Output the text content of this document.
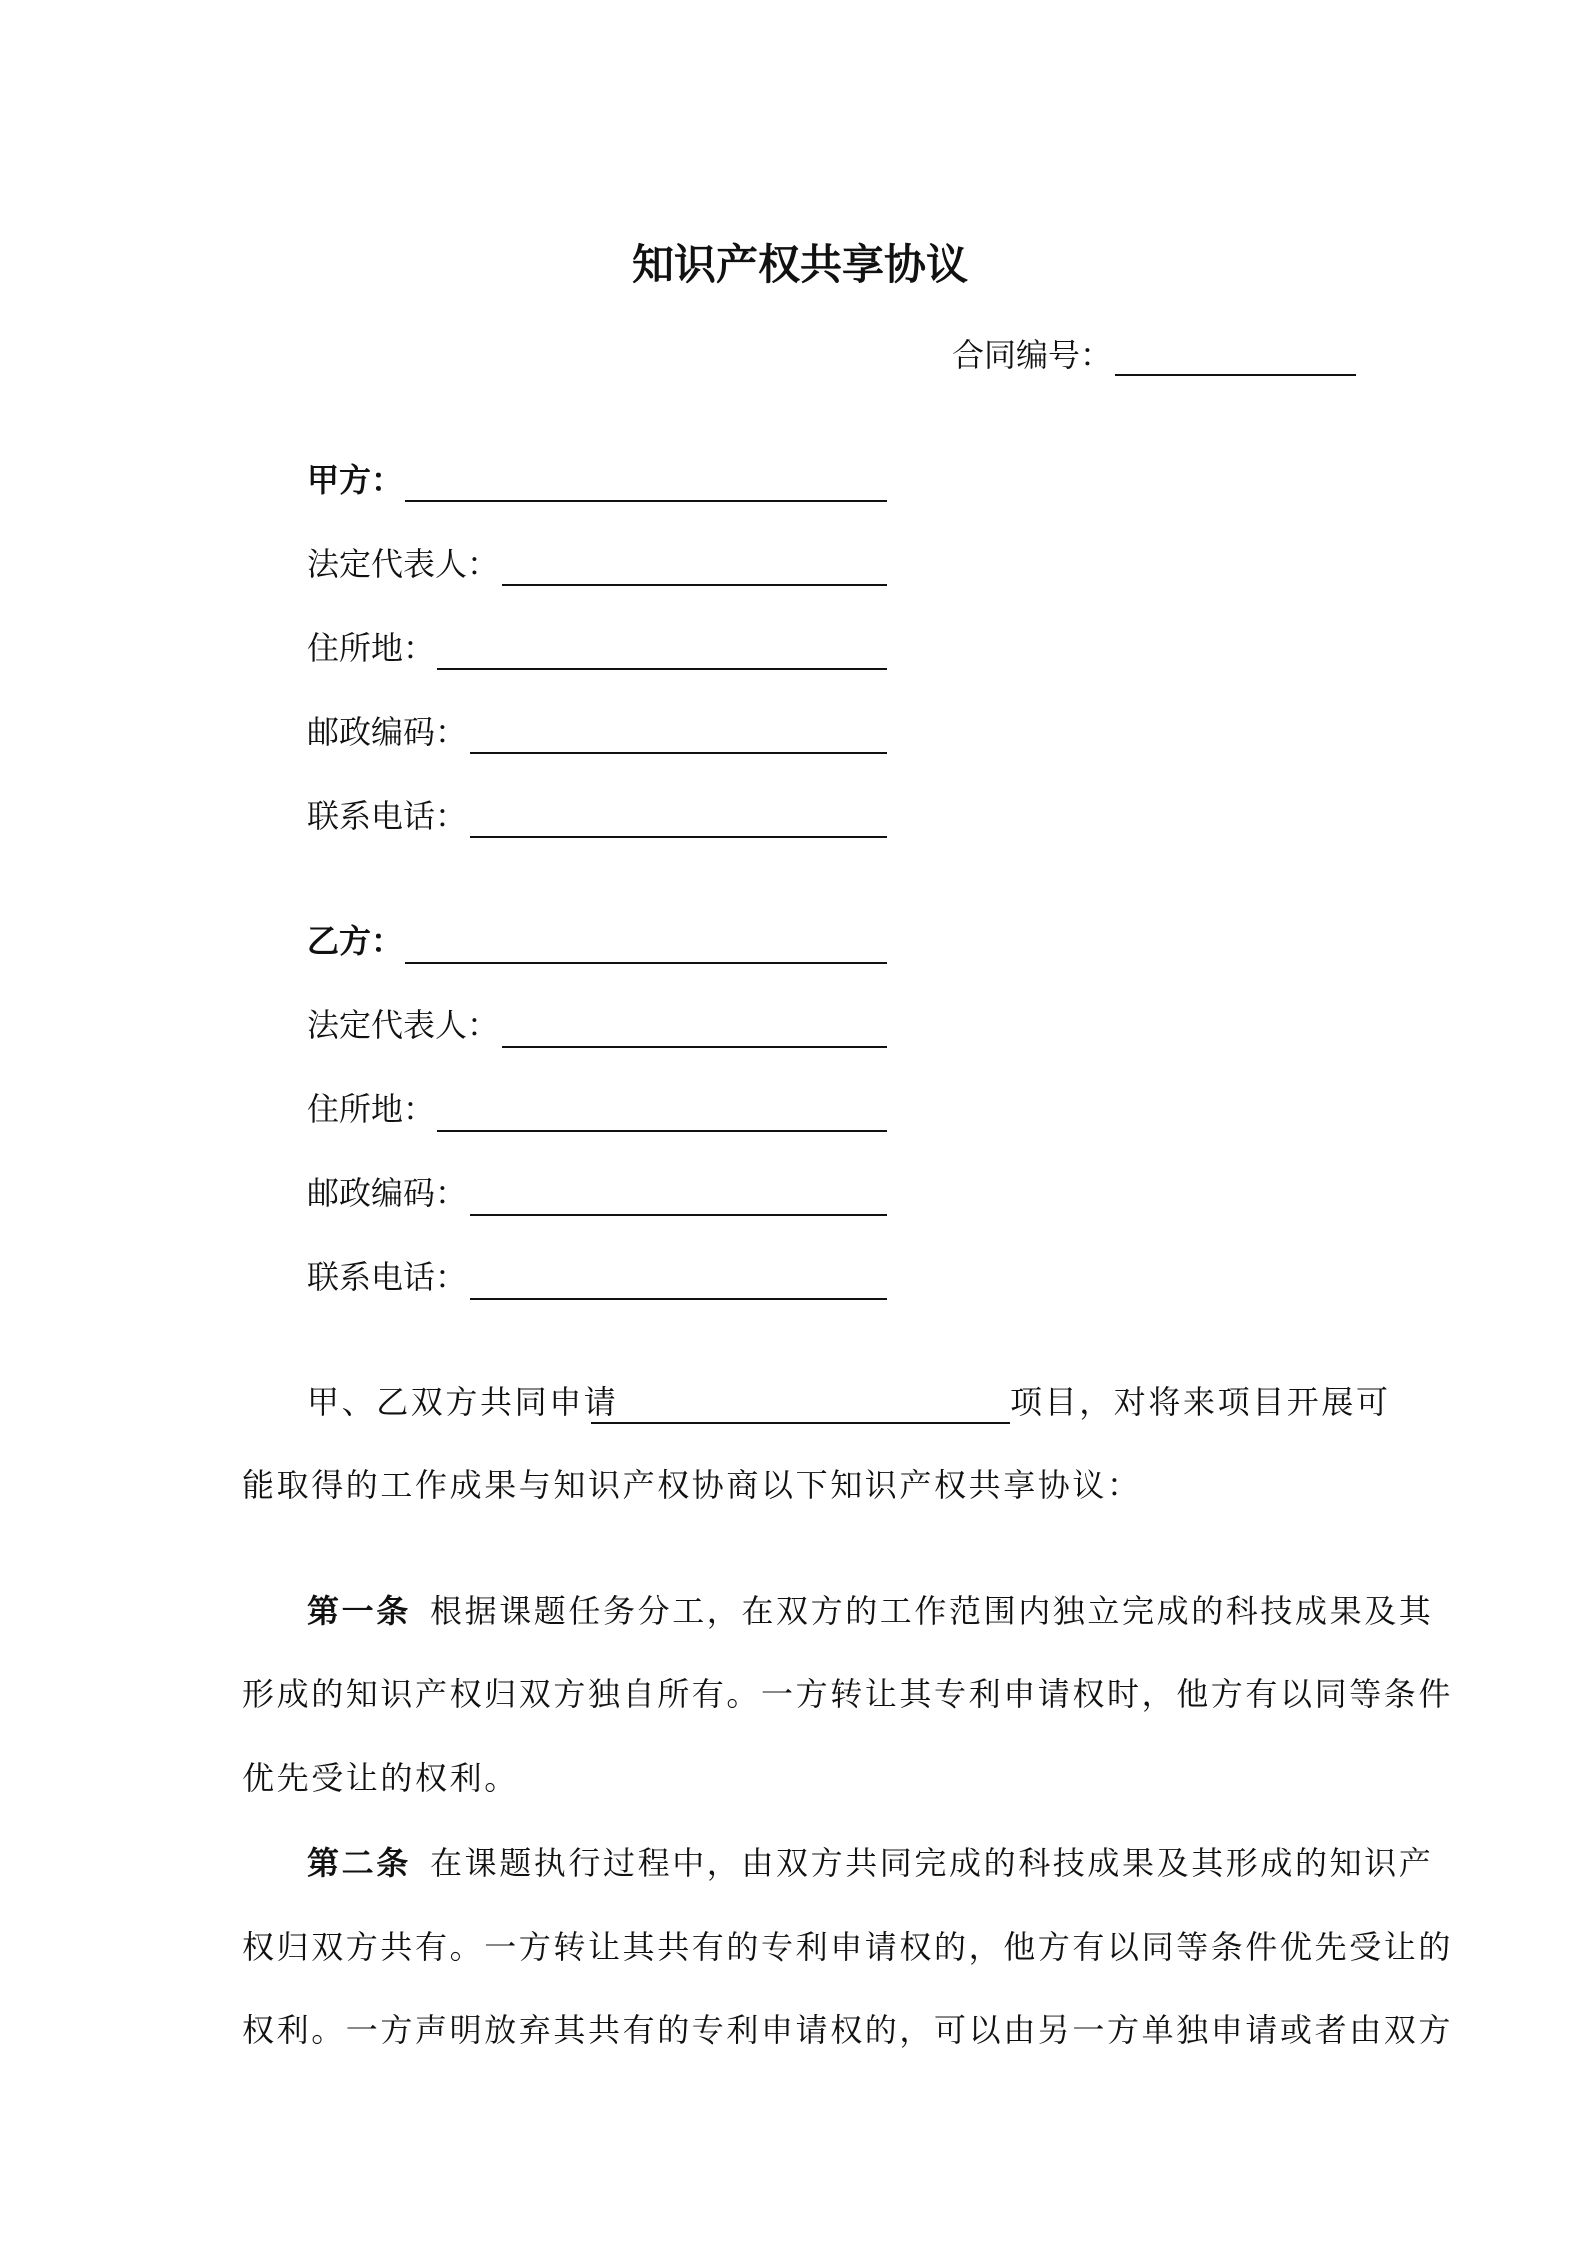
知识产权共享协议
合同编号：
甲方：
法定代表人：
住所地：
邮政编码：
联系电话：
乙方：
法定代表人：
住所地：
邮政编码：
联系电话：
甲、乙双方共同申请	项目，对将来项目开展可
能取得的工作成果与知识产权协商以下知识产权共享协议：
第一条 根据课题任务分工，在双方的工作范围内独立完成的科技成果及其
形成的知识产权归双方独自所有。一方转让其专利申请权时，他方有以同等条件
优先受让的权利。
第二条 在课题执行过程中，由双方共同完成的科技成果及其形成的知识产
权归双方共有。一方转让其共有的专利申请权的，他方有以同等条件优先受让的
权利。一方声明放弃其共有的专利申请权的，可以由另一方单独申请或者由双方
